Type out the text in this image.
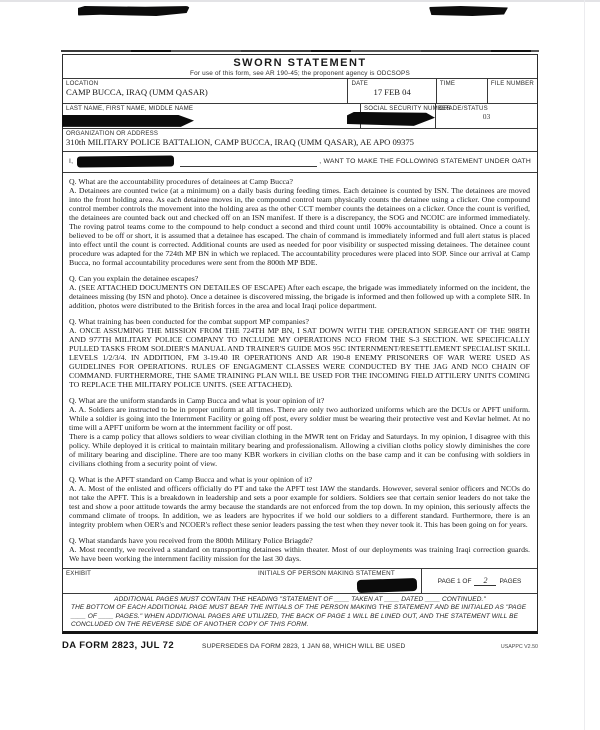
SWORN STATEMENT
For use of this form, see AR 190-45; the proponent agency is ODCSOPS
LOCATION
CAMP BUCCA, IRAQ (UMM QASAR)
DATE
17 FEB 04
TIME	FILE NUMBER
LAST NAME, FIRST NAME, MIDDLE NAME	SOCIAL SECURITY NUMBER
GRADE/STATUS
03
ORGANIZATION OR ADDRESS
310th MILITARY POLICE BATTALION, CAMP BUCCA, IRAQ (UMM QASAR), AE APO 09375
I,	, WANT TO MAKE THE FOLLOWING STATEMENT UNDER OATH
Q. What are the accountability procedures of detainees at Camp Bucca?
A. Detainees are counted twice (at a minimum) on a daily basis during feeding times. Each detainee is counted by ISN. The detainees are moved into the front holding area. As each detainee moves in, the compound control team physically counts the detainee using a clicker. One compound control member controls the movement into the holding area as the other CCT member counts the detainees on a clicker. Once the count is verified, the detainees are counted back out and checked off on an ISN manifest. If there is a discrepancy, the SOG and NCOIC are informed immediately. The roving patrol teams come to the compound to help conduct a second and third count until 100% accountability is obtained. Once a count is believed to be off or short, it is assumed that a detainee has escaped. The chain of command is immediately informed and full alert status is placed into effect until the count is corrected. Additional counts are used as needed for poor visibility or suspected missing detainees. The detainee count procedure was adapted for the 724th MP BN in which we replaced. The accountability procedures were placed into SOP. Since our arrival at Camp Bucca, no formal accountability procedures were sent from the 800th MP BDE.
Q. Can you explain the detainee escapes?
A. (SEE ATTACHED DOCUMENTS ON DETAILES OF ESCAPE) After each escape, the brigade was immediately informed on the incident, the detainees missing (by ISN and photo). Once a detainee is discovered missing, the brigade is informed and then followed up with a complete SIR. In addition, photos were distributed to the British forces in the area and local Iraqi police department.
Q. What training has been conducted for the combat support MP companies?
A. ONCE ASSUMING THE MISSION FROM THE 724TH MP BN, I SAT DOWN WITH THE OPERATION SERGEANT OF THE 988TH AND 977TH MILITARY POLICE COMPANY TO INCLUDE MY OPERATIONS NCO FROM THE S-3 SECTION. WE SPECIFICALLY PULLED TASKS FROM SOLDIER'S MANUAL AND TRAINER'S GUIDE MOS 95C INTERNMENT/RESETTLEMENT SPECIALIST SKILL LEVELS 1/2/3/4. IN ADDITION, FM 3-19.40 IR OPERATIONS AND AR 190-8 ENEMY PRISONERS OF WAR WERE USED AS GUIDELINES FOR OPERATIONS. RULES OF ENGAGMENT CLASSES WERE CONDUCTED BY THE JAG AND NCO CHAIN OF COMMAND. FURTHERMORE, THE SAME TRAINING PLAN WILL BE USED FOR THE INCOMING FIELD ATTILERY UNITS COMING TO REPLACE THE MILITARY POLICE UNITS. (SEE ATTACHED).
Q. What are the uniform standards in Camp Bucca and what is your opinion of it?
A. A. Soldiers are instructed to be in proper uniform at all times. There are only two authorized uniforms which are the DCUs or APFT uniform. While a soldier is going into the Internment Facility or going off post, every soldier must be wearing their protective vest and Kevlar helmet. At no time will a APFT uniform be worn at the internment facility or off post.
There is a camp policy that allows soldiers to wear civilian clothing in the MWR tent on Friday and Saturdays. In my opinion, I disagree with this policy. While deployed it is critical to maintain military bearing and professionalism. Allowing a civilian cloths policy slowly diminishes the core of military bearing and discipline. There are too many KBR workers in civilian cloths on the base camp and it can be confusing with soldiers in civilians clothing from a security point of view.
Q. What is the APFT standard on Camp Bucca and what is your opinion of it?
A. A. Most of the enlisted and officers officially do PT and take the APFT test IAW the standards. However, several senior officers and NCOs do not take the APFT. This is a breakdown in leadership and sets a poor example for soldiers. Soldiers see that certain senior leaders do not take the test and show a poor attitude towards the army because the standards are not enforced from the top down. In my opinion, this seriously affects the command climate of troops. In addition, we as leaders are hypocrites if we hold our soldiers to a different standard. Furthermore, there is an integrity problem when OER's and NCOER's reflect these senior leaders passing the test when they never took it. This has been going on for years.
Q. What standards have you received from the 800th Military Police Briagde?
A. Most recently, we received a standard on transporting detainees within theater. Most of our deployments was training Iraqi correction guards. We have been working the internment facility mission for the last 30 days.
EXHIBIT	INITIALS OF PERSON MAKING STATEMENT
PAGE 1 OF	2	PAGES
ADDITIONAL PAGES MUST CONTAIN THE HEADING "STATEMENT OF ____ TAKEN AT ____ DATED ____ CONTINUED."
THE BOTTOM OF EACH ADDITIONAL PAGE MUST BEAR THE INITIALS OF THE PERSON MAKING THE STATEMENT AND BE INITIALED AS "PAGE ____ OF ____ PAGES." WHEN ADDITIONAL PAGES ARE UTILIZED, THE BACK OF PAGE 1 WILL BE LINED OUT, AND THE STATEMENT WILL BE CONCLUDED ON THE REVERSE SIDE OF ANOTHER COPY OF THIS FORM.
DA FORM 2823, JUL 72	SUPERSEDES DA FORM 2823, 1 JAN 68, WHICH WILL BE USED	USAPPC V2.50
